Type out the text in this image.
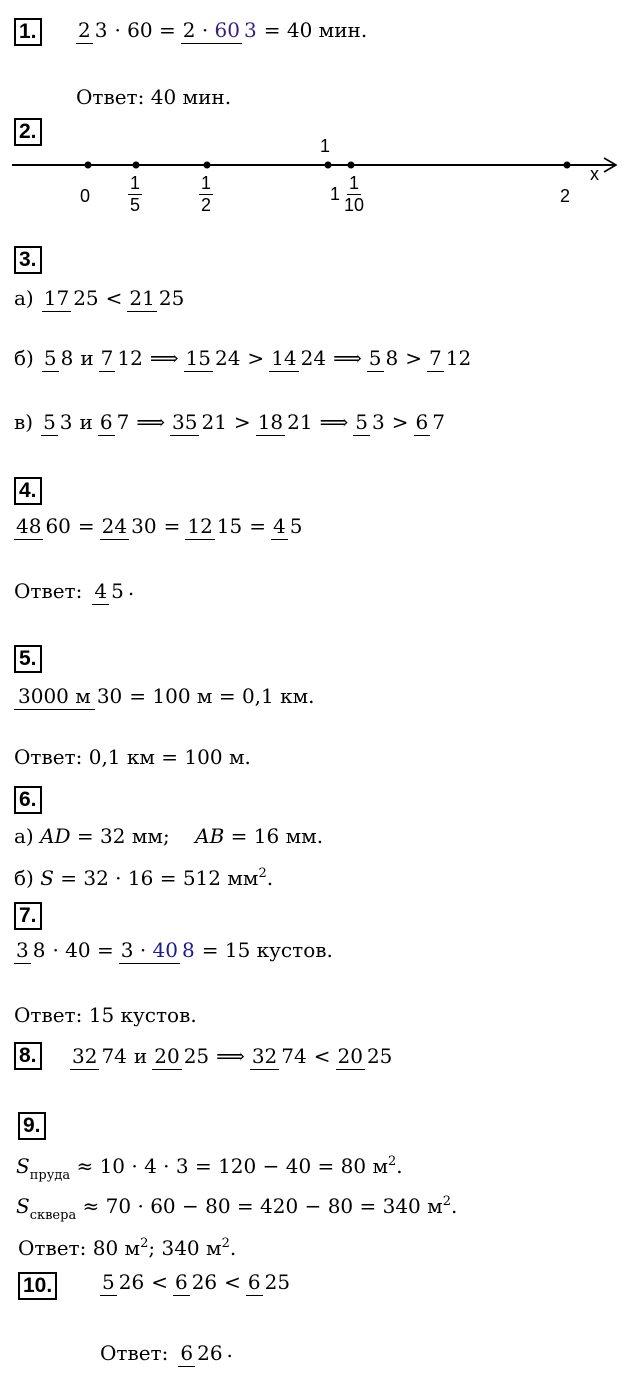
1. 2 3 · 60 = 2 · 60 3 = 40 мин.
Ответ: 40 мин.
2.
1
x
$0 \frac{1}{5}$	$\frac{1}{2}$	$1 \frac{1}{10}$	2
3.
а) 17 25 < 21 25
б) 5 8 и 7 12 ⟹ 15 24 > 14 24 ⟹ 5 8 > 7 12
в) 5 3 и 6 7 ⟹ 35 21 > 18 21 ⟹ 5 3 > 6 7
4.
48 60 = 24 30 = 12 15 = 4 5
Ответ: 4 5 .
5.
3000 м 30 = 100 м = 0,1 км.
Ответ: 0,1 км = 100 м.
6.
а) AD = 32 мм; AB = 16 мм.
б) S = 32 · 16 = 512 $мм^2$.
7.
3 8 · 40 = 3 · 40 8 = 15 кустов.
Ответ: 15 кустов.
8. 32 74 и 20 25 ⟹ 32 74 < 20 25
9.
$S_{пруда} \approx 10 \cdot 4 \cdot 3 = 120 - 40 = 80$ $м^2$.
$S_{сквера} \approx 70 \cdot 60 - 80 = 420 - 80 = 340$ $м^2$.
Ответ: 80 $м^2$; 340 $м^2$.
10. 5 26 < 6 26 < 6 25
Ответ: 6 26 .
